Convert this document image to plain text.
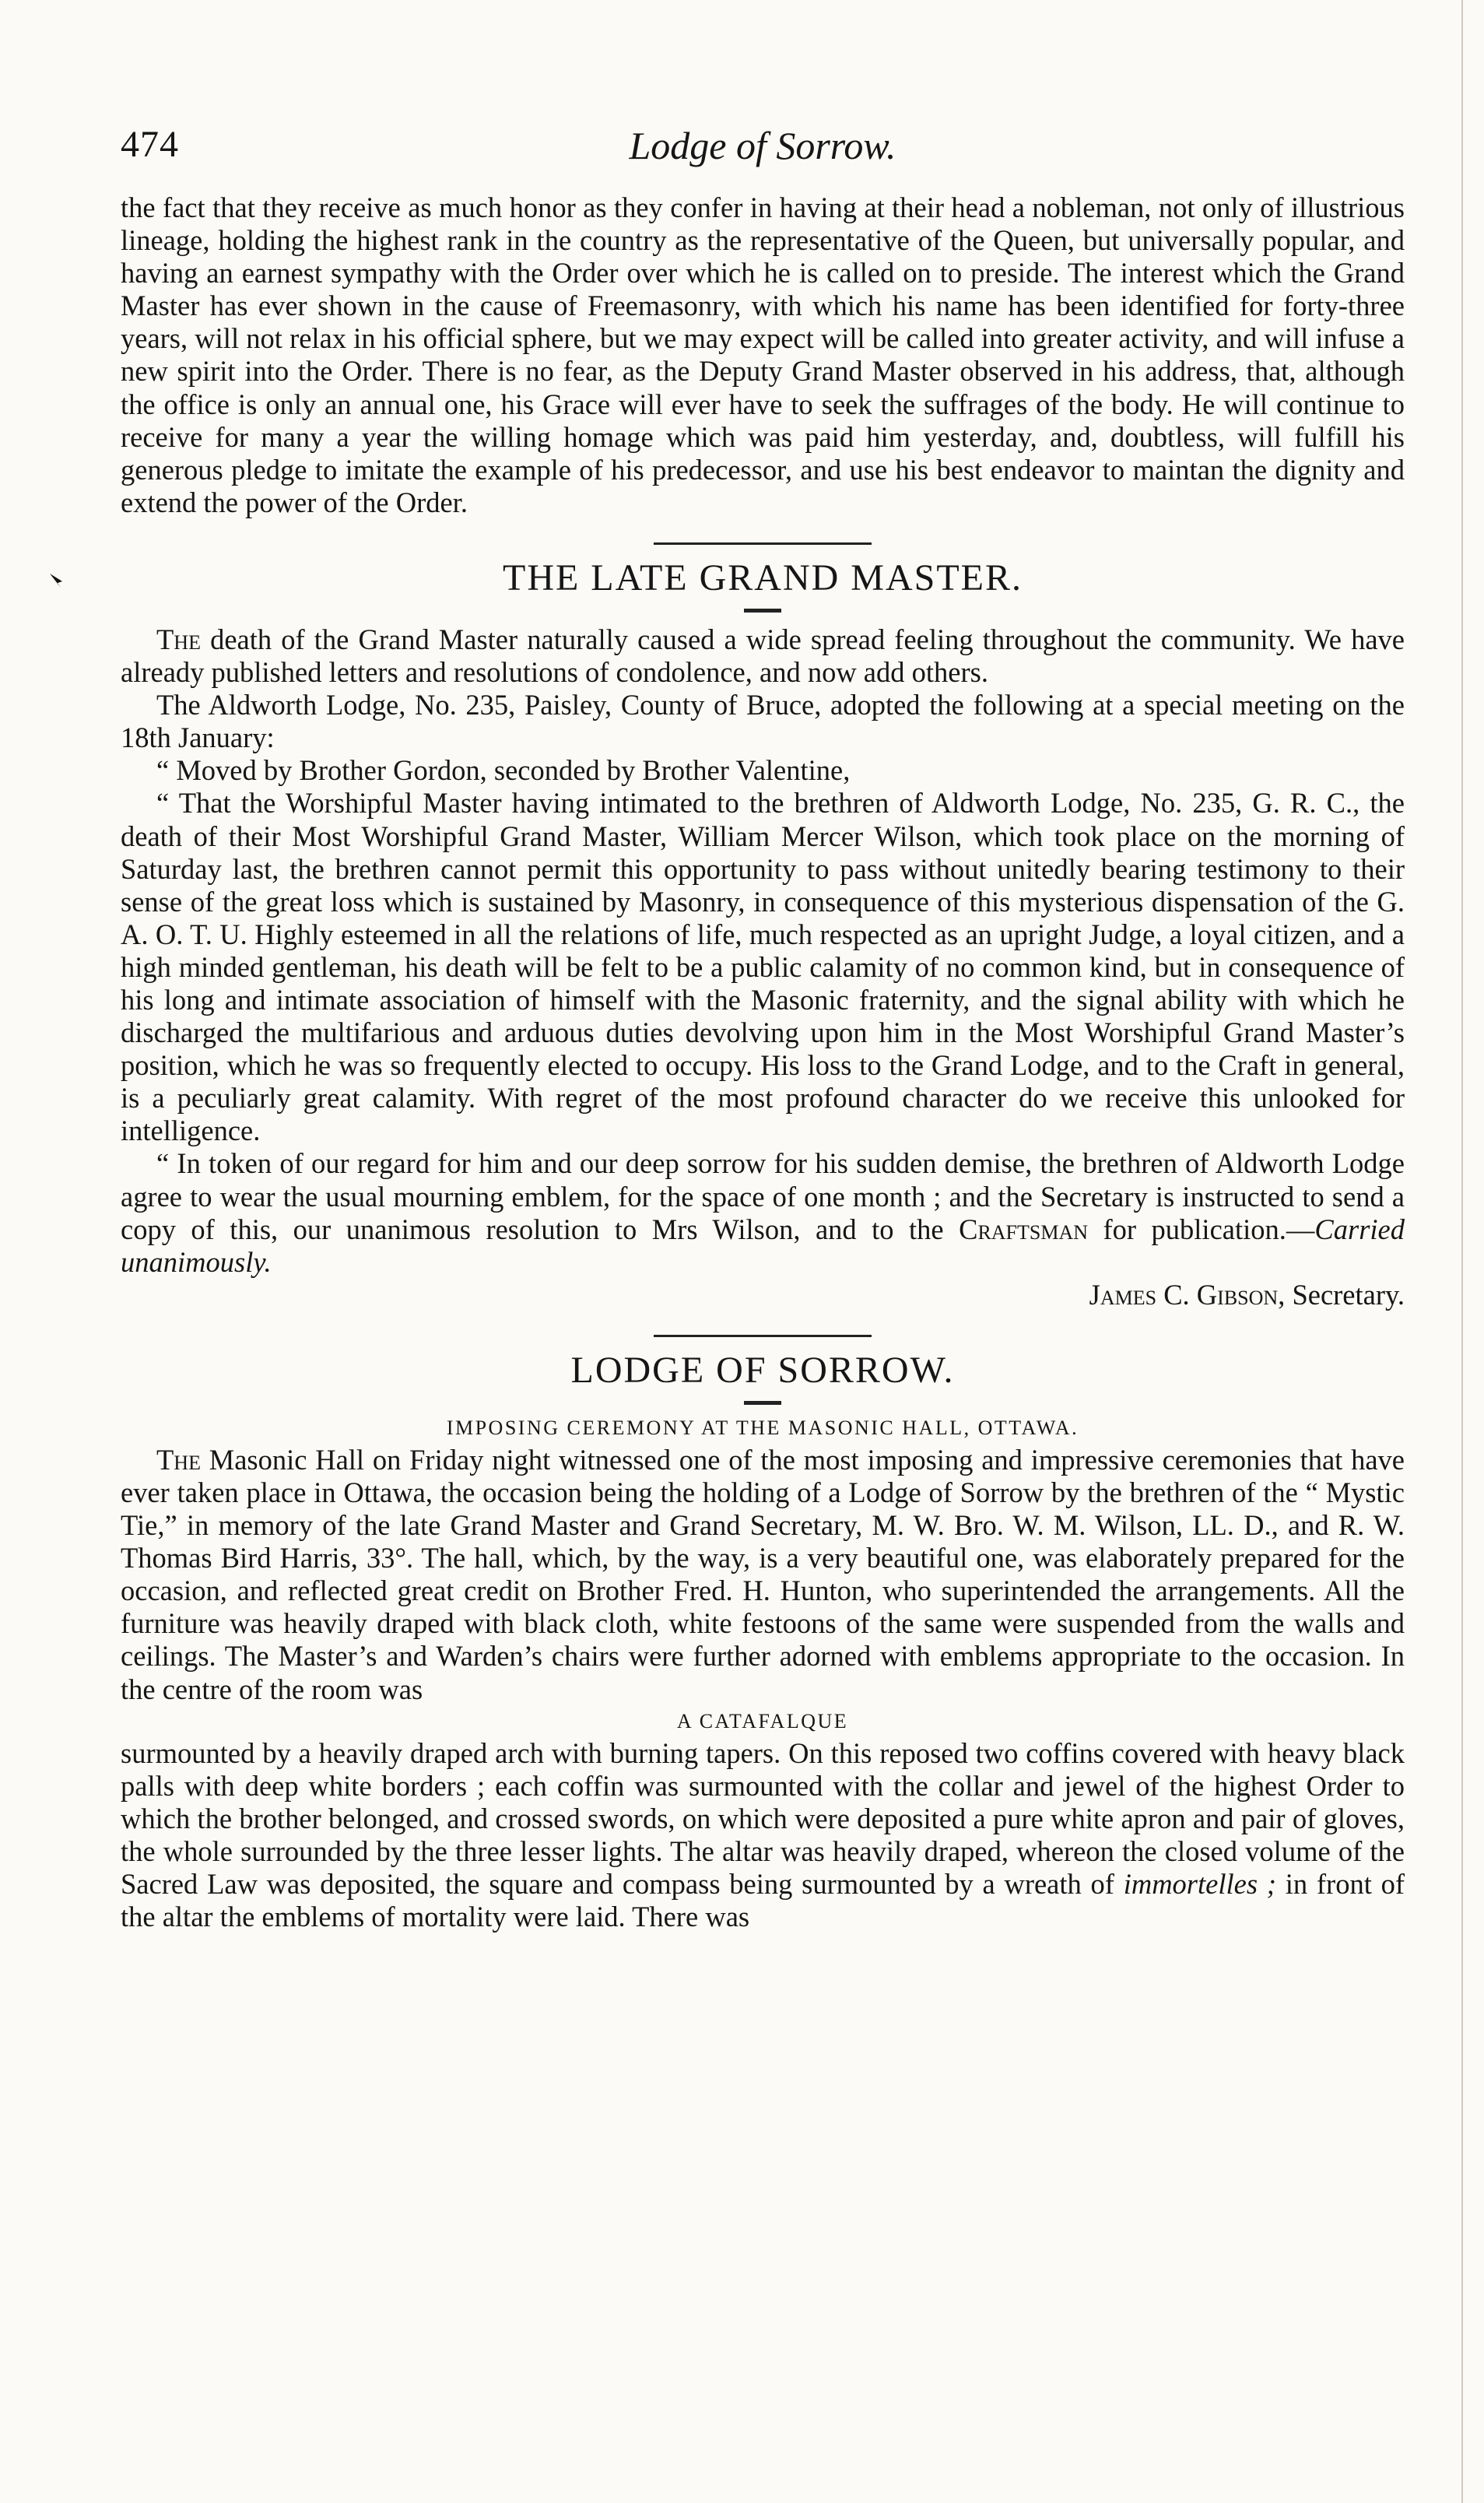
474	Lodge of Sorrow.

the fact that they receive as much honor as they confer in having at their head a nobleman, not only of illustrious lineage, holding the highest rank in the country as the representative of the Queen, but universally popular, and having an earnest sympathy with the Order over which he is called on to preside. The interest which the Grand Master has ever shown in the cause of Freemasonry, with which his name has been identified for forty-three years, will not relax in his official sphere, but we may expect will be called into greater activity, and will infuse a new spirit into the Order. There is no fear, as the Deputy Grand Master observed in his address, that, although the office is only an annual one, his Grace will ever have to seek the suffrages of the body. He will continue to receive for many a year the willing homage which was paid him yesterday, and, doubtless, will fulfill his generous pledge to imitate the example of his predecessor, and use his best endeavor to maintan the dignity and extend the power of the Order.

THE LATE GRAND MASTER.

The death of the Grand Master naturally caused a wide spread feeling throughout the community. We have already published letters and resolutions of condolence, and now add others.

The Aldworth Lodge, No. 235, Paisley, County of Bruce, adopted the following at a special meeting on the 18th January:

“ Moved by Brother Gordon, seconded by Brother Valentine,

“ That the Worshipful Master having intimated to the brethren of Aldworth Lodge, No. 235, G. R. C., the death of their Most Worshipful Grand Master, William Mercer Wilson, which took place on the morning of Saturday last, the brethren cannot permit this opportunity to pass without unitedly bearing testimony to their sense of the great loss which is sustained by Masonry, in consequence of this mysterious dispensation of the G. A. O. T. U. Highly esteemed in all the relations of life, much respected as an upright Judge, a loyal citizen, and a high minded gentleman, his death will be felt to be a public calamity of no common kind, but in consequence of his long and intimate association of himself with the Masonic fraternity, and the signal ability with which he discharged the multifarious and arduous duties devolving upon him in the Most Worshipful Grand Master’s position, which he was so frequently elected to occupy. His loss to the Grand Lodge, and to the Craft in general, is a peculiarly great calamity. With regret of the most profound character do we receive this unlooked for intelligence.

“ In token of our regard for him and our deep sorrow for his sudden demise, the brethren of Aldworth Lodge agree to wear the usual mourning emblem, for the space of one month ; and the Secretary is instructed to send a copy of this, our unanimous resolution to Mrs Wilson, and to the Craftsman for publication.—Carried unanimously.

James C. Gibson, Secretary.

LODGE OF SORROW.

IMPOSING CEREMONY AT THE MASONIC HALL, OTTAWA.

The Masonic Hall on Friday night witnessed one of the most imposing and impressive ceremonies that have ever taken place in Ottawa, the occasion being the holding of a Lodge of Sorrow by the brethren of the “ Mystic Tie,” in memory of the late Grand Master and Grand Secretary, M. W. Bro. W. M. Wilson, LL. D., and R. W. Thomas Bird Harris, 33°. The hall, which, by the way, is a very beautiful one, was elaborately prepared for the occasion, and reflected great credit on Brother Fred. H. Hunton, who superintended the arrangements. All the furniture was heavily draped with black cloth, white festoons of the same were suspended from the walls and ceilings. The Master’s and Warden’s chairs were further adorned with emblems appropriate to the occasion. In the centre of the room was

A CATAFALQUE

surmounted by a heavily draped arch with burning tapers. On this reposed two coffins covered with heavy black palls with deep white borders ; each coffin was surmounted with the collar and jewel of the highest Order to which the brother belonged, and crossed swords, on which were deposited a pure white apron and pair of gloves, the whole surrounded by the three lesser lights. The altar was heavily draped, whereon the closed volume of the Sacred Law was deposited, the square and compass being surmounted by a wreath of immortelles ; in front of the altar the emblems of mortality were laid. There was
